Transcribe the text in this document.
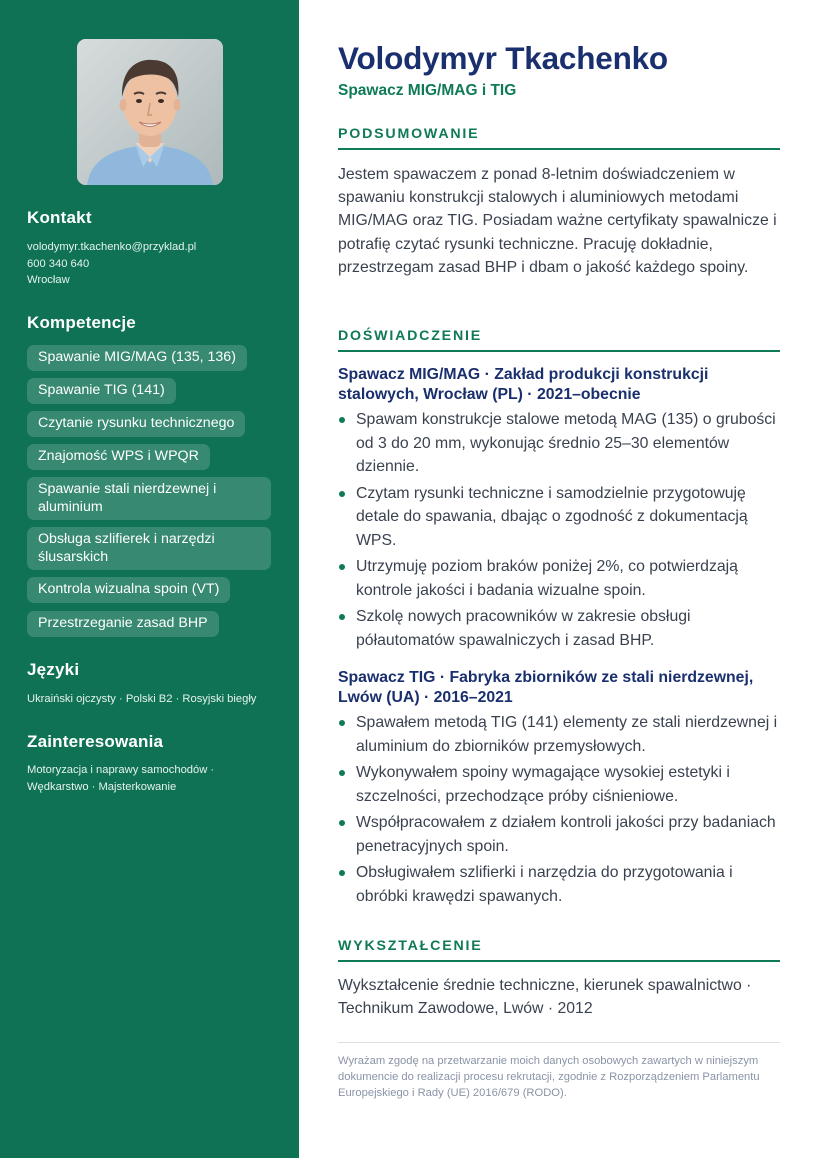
Kontakt
volodymyr.tkachenko@przyklad.pl
600 340 640
Wrocław
Kompetencje
Spawanie MIG/MAG (135, 136)
Spawanie TIG (141)
Czytanie rysunku technicznego
Znajomość WPS i WPQR
Spawanie stali nierdzewnej i aluminium
Obsługa szlifierek i narzędzi ślusarskich
Kontrola wizualna spoin (VT)
Przestrzeganie zasad BHP
Języki
Ukraiński ojczysty · Polski B2 · Rosyjski biegły
Zainteresowania
Motoryzacja i naprawy samochodów · Wędkarstwo · Majsterkowanie
Volodymyr Tkachenko
Spawacz MIG/MAG i TIG
PODSUMOWANIE

Jestem spawaczem z ponad 8-letnim doświadczeniem w spawaniu konstrukcji stalowych i aluminiowych metodami MIG/MAG oraz TIG. Posiadam ważne certyfikaty spawalnicze i potrafię czytać rysunki techniczne. Pracuję dokładnie, przestrzegam zasad BHP i dbam o jakość każdego spoiny.

DOŚWIADCZENIE
Spawacz MIG/MAG · Zakład produkcji konstrukcji stalowych, Wrocław (PL) · 2021–obecnie
Spawam konstrukcje stalowe metodą MAG (135) o grubości od 3 do 20 mm, wykonując średnio 25–30 elementów dziennie.
Czytam rysunki techniczne i samodzielnie przygotowuję detale do spawania, dbając o zgodność z dokumentacją WPS.
Utrzymuję poziom braków poniżej 2%, co potwierdzają kontrole jakości i badania wizualne spoin.
Szkolę nowych pracowników w zakresie obsługi półautomatów spawalniczych i zasad BHP.
Spawacz TIG · Fabryka zbiorników ze stali nierdzewnej, Lwów (UA) · 2016–2021
Spawałem metodą TIG (141) elementy ze stali nierdzewnej i aluminium do zbiorników przemysłowych.
Wykonywałem spoiny wymagające wysokiej estetyki i szczelności, przechodzące próby ciśnieniowe.
Współpracowałem z działem kontroli jakości przy badaniach penetracyjnych spoin.
Obsługiwałem szlifierki i narzędzia do przygotowania i obróbki krawędzi spawanych.
WYKSZTAŁCENIE

Wykształcenie średnie techniczne, kierunek spawalnictwo · Technikum Zawodowe, Lwów · 2012

Wyrażam zgodę na przetwarzanie moich danych osobowych zawartych w niniejszym dokumencie do realizacji procesu rekrutacji, zgodnie z Rozporządzeniem Parlamentu Europejskiego i Rady (UE) 2016/679 (RODO).
